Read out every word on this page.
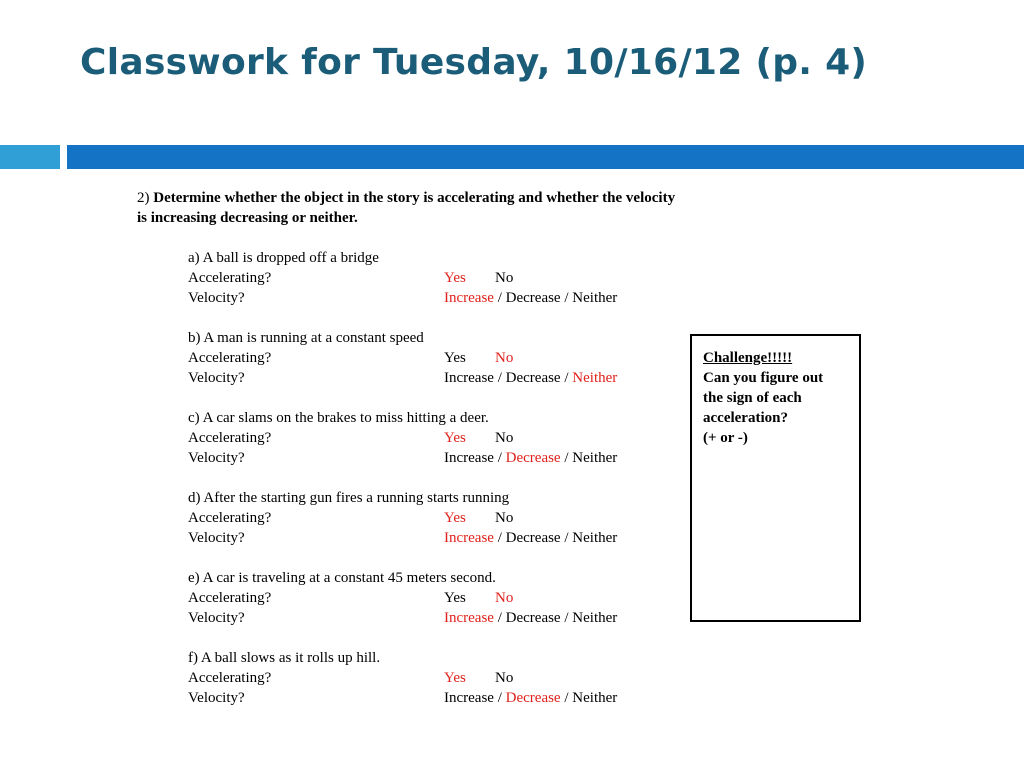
Classwork for Tuesday, 10/16/12 (p. 4)
2) Determine whether the object in the story is accelerating and whether the velocity
is increasing decreasing or neither.
a) A ball is dropped off a bridge
Accelerating?	Yes No
Velocity?	Increase / Decrease / Neither
b) A man is running at a constant speed
Accelerating?	Yes No
Velocity?	Increase / Decrease / Neither
c) A car slams on the brakes to miss hitting a deer.
Accelerating?	Yes No
Velocity?	Increase / Decrease / Neither
d) After the starting gun fires a running starts running
Accelerating?	Yes No
Velocity?	Increase / Decrease / Neither
e) A car is traveling at a constant 45 meters second.
Accelerating?	Yes No
Velocity?	Increase / Decrease / Neither
f) A ball slows as it rolls up hill.
Accelerating?	Yes No
Velocity?	Increase / Decrease / Neither
Challenge!!!!!
Can you figure out
the sign of each
acceleration?
(+ or -)
